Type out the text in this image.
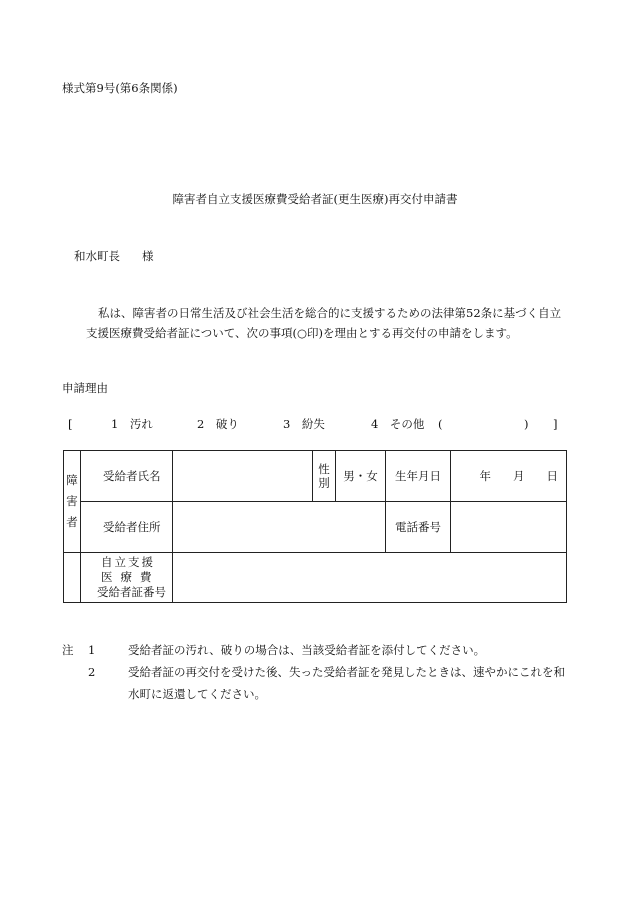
様式第9号(第6条関係)
障害者自立支援医療費受給者証(更生医療)再交付申請書
和水町長 様
私は、障害者の日常生活及び社会生活を総合的に支援するための法律第52条に基づく自立
支援医療費受給者証について、次の事項(○印)を理由とする再交付の申請をします。
申請理由
[	1　汚れ	2　破り	3　紛失	4　その他 (	) ]
障
害
者	受給者氏名		性
別	男・女	生年月日	年 月 日
	受給者住所				電話番号	

	自立支援
医療費
受給者証番号					

注 1	受給者証の汚れ、破りの場合は、当該受給者証を添付してください。
2	受給者証の再交付を受けた後、失った受給者証を発見したときは、速やかにこれを和
水町に返還してください。
